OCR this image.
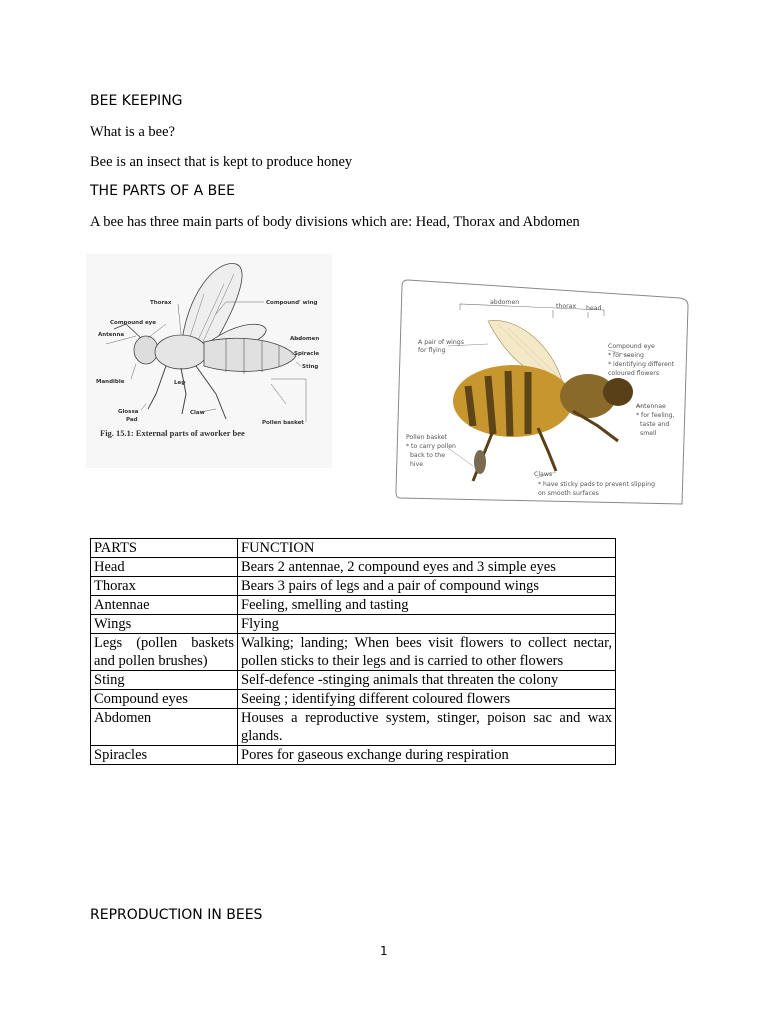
BEE KEEPING
What is a bee?
Bee is an insect that is kept to produce honey
THE PARTS OF A BEE
A bee has three main parts of body divisions which are: Head, Thorax and Abdomen
Thorax	Compound' wing
Compound eye
Antenna
Abdomen
Spiracle
Sting
Mandible	Leg
Glossa
Pad
Claw
Pollen basket
Fig. 15.1: External parts of aworker bee
abdomen
thorax head
A pair of wings
for flying
Compound eye
* for seeing
* identifying different
coloured flowers
Antennae
* for feeling,
taste and
smell
Pollen basket
* to carry pollen
back to the
hive
Claws
* have sticky pads to prevent slipping
on smooth surfaces
PARTS	FUNCTION
Head	Bears 2 antennae, 2 compound eyes and 3 simple eyes
Thorax	Bears 3 pairs of legs and a pair of compound wings
Antennae	Feeling, smelling and tasting
Wings	Flying
Legs (pollen baskets and pollen brushes)	Walking; landing; When bees visit flowers to collect nectar, pollen sticks to their legs and is carried to other flowers
Sting	Self-defence -stinging animals that threaten the colony
Compound eyes	Seeing ; identifying different coloured flowers
Abdomen	Houses a reproductive system, stinger, poison sac and wax glands.
Spiracles	Pores for gaseous exchange during respiration
REPRODUCTION IN BEES
1
